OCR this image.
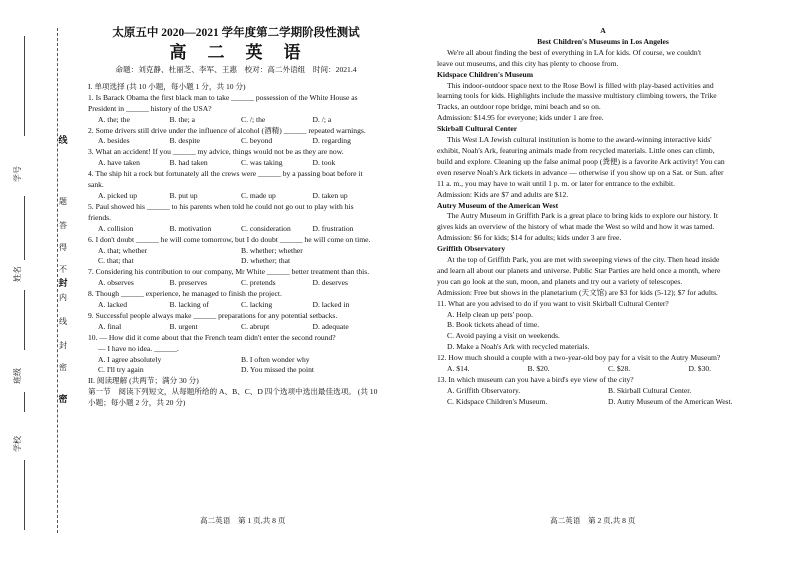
学号
姓名
班级
学校
线
封
密
题
答
得
不
内
线
封
密
太原五中 2020—2021 学年度第二学期阶段性测试
高　二　英　语
命题：刘克静、杜丽芝、李军、王惠　校对：高二外语组　时间：2021.4
I. 单项选择 (共 10 小题，每小题 1 分，共 10 分)
1. Is Barack Obama the first black man to take ______ possession of the White House as
President in ______ history of the USA?
A. the; the	B. the; a	C. /; the	D. /; a
2. Some drivers still drive under the influence of alcohol (酒精) ______ repeated warnings.
A. besides	B. despite	C. beyond	D. regarding
3. What an accident! If you ______ my advice, things would not be as they are now.
A. have taken	B. had taken	C. was taking	D. took
4. The ship hit a rock but fortunately all the crews were ______ by a passing boat before it
sank.
A. picked up	B. put up	C. made up	D. taken up
5. Paul showed his ______ to his parents when told he could not go out to play with his
friends.
A. collision	B. motivation	C. consideration	D. frustration
6. I don't doubt ______ he will come tomorrow, but I do doubt ______ he will come on time.
A. that; whether	B. whether; whether
C. that; that	D. whether; that
7. Considering his contribution to our company, Mr White ______ better treatment than this.
A. observes	B. preserves	C. pretends	D. deserves
8. Though ______ experience, he managed to finish the project.
A. lacked	B. lacking of	C. lacking	D. lacked in
9. Successful people always make ______ preparations for any potential setbacks.
A. final	B. urgent	C. abrupt	D. adequate
10. — How did it come about that the French team didn't enter the second round?
— I have no idea. ______.
A. I agree absolutely	B. I often wonder why
C. I'll try again	D. You missed the point
II. 阅读理解 (共两节；满分 30 分)
第一节　阅读下列短文，从每题所给的 A、B、C、D 四个选项中选出最佳选项。 (共 10
小题；每小题 2 分，共 20 分)
A
Best Children's Museums in Los Angeles
We're all about finding the best of everything in LA for kids. Of course, we couldn't
leave out museums, and this city has plenty to choose from.
Kidspace Children's Museum
This indoor-outdoor space next to the Rose Bowl is filled with play-based activities and
learning tools for kids. Highlights include the massive multistory climbing towers, the Trike
Tracks, an outdoor rope bridge, mini beach and so on.
Admission: $14.95 for everyone; kids under 1 are free.
Skirball Cultural Center
This West LA Jewish cultural institution is home to the award-winning interactive kids'
exhibit, Noah's Ark, featuring animals made from recycled materials. Little ones can climb,
build and explore. Cleaning up the false animal poop (粪便) is a favorite Ark activity! You can
even reserve Noah's Ark tickets in advance — otherwise if you show up on a Sat. or Sun. after
11 a. m., you may have to wait until 1 p. m. or later for entrance to the exhibit.
Admission: Kids are $7 and adults are $12.
Autry Museum of the American West
The Autry Museum in Griffith Park is a great place to bring kids to explore our history. It
gives kids an overview of the history of what made the West so wild and how it was tamed.
Admission: $6 for kids; $14 for adults; kids under 3 are free.
Griffith Observatory
At the top of Griffith Park, you are met with sweeping views of the city. Then head inside
and learn all about our planets and universe. Public Star Parties are held once a month, where
you can go look at the sun, moon, and planets and try out a variety of telescopes.
Admission: Free but shows in the planetarium (天文馆) are $3 for kids (5-12); $7 for adults.
11. What are you advised to do if you want to visit Skirball Cultural Center?
A. Help clean up pets' poop.
B. Book tickets ahead of time.
C. Avoid paying a visit on weekends.
D. Make a Noah's Ark with recycled materials.
12. How much should a couple with a two-year-old boy pay for a visit to the Autry Museum?
A. $14.	B. $20.	C. $28.	D. $30.
13. In which museum can you have a bird's eye view of the city?
A. Griffith Observatory.	B. Skirball Cultural Center.
C. Kidspace Children's Museum.	D. Autry Museum of the American West.
高二英语　第 1 页,共 8 页	高二英语　第 2 页,共 8 页
